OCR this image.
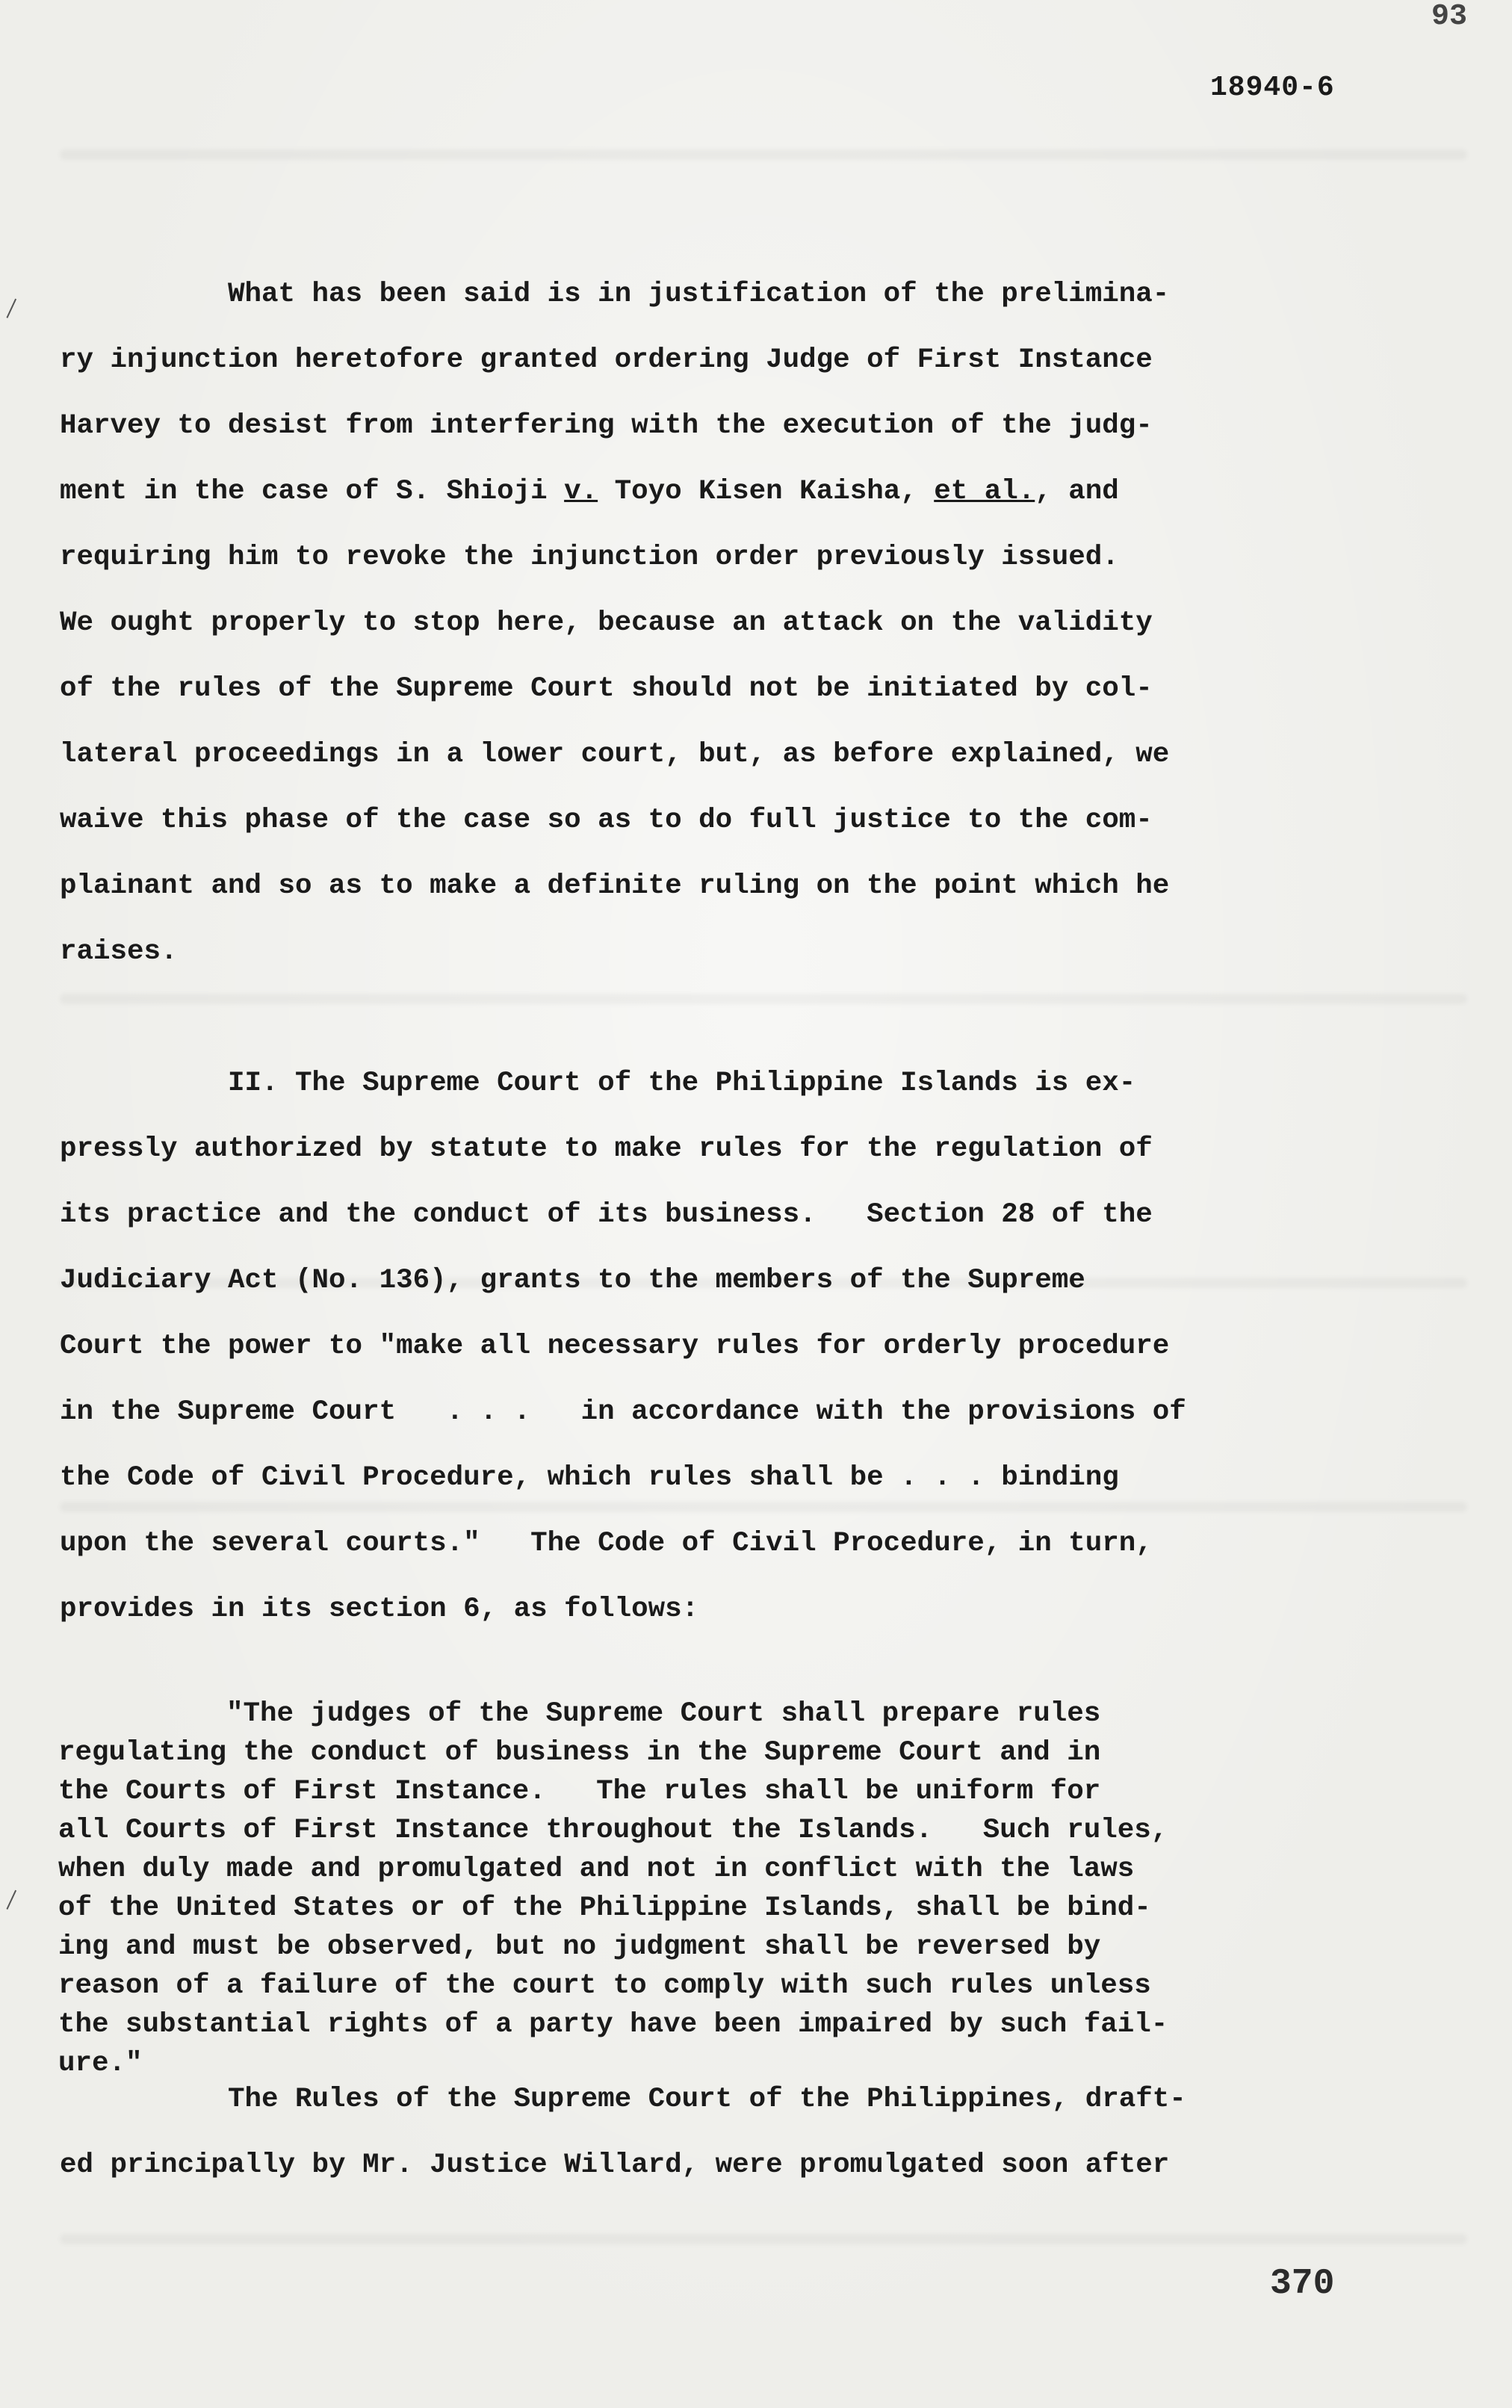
93
18940-6
What has been said is in justification of the prelimina-
ry injunction heretofore granted ordering Judge of First Instance
Harvey to desist from interfering with the execution of the judg-
ment in the case of S. Shioji v. Toyo Kisen Kaisha, et al., and
requiring him to revoke the injunction order previously issued.
We ought properly to stop here, because an attack on the validity
of the rules of the Supreme Court should not be initiated by col-
lateral proceedings in a lower court, but, as before explained, we
waive this phase of the case so as to do full justice to the com-
plainant and so as to make a definite ruling on the point which he
raises.

II. The Supreme Court of the Philippine Islands is ex-
pressly authorized by statute to make rules for the regulation of
its practice and the conduct of its business.   Section 28 of the
Judiciary Act (No. 136), grants to the members of the Supreme
Court the power to "make all necessary rules for orderly procedure
in the Supreme Court   . . .   in accordance with the provisions of
the Code of Civil Procedure, which rules shall be . . . binding
upon the several courts."   The Code of Civil Procedure, in turn,
provides in its section 6, as follows:
"The judges of the Supreme Court shall prepare rules
regulating the conduct of business in the Supreme Court and in
the Courts of First Instance.   The rules shall be uniform for
all Courts of First Instance throughout the Islands.   Such rules,
when duly made and promulgated and not in conflict with the laws
of the United States or of the Philippine Islands, shall be bind-
ing and must be observed, but no judgment shall be reversed by
reason of a failure of the court to comply with such rules unless
the substantial rights of a party have been impaired by such fail-
ure."
The Rules of the Supreme Court of the Philippines, draft-
ed principally by Mr. Justice Willard, were promulgated soon after
370
